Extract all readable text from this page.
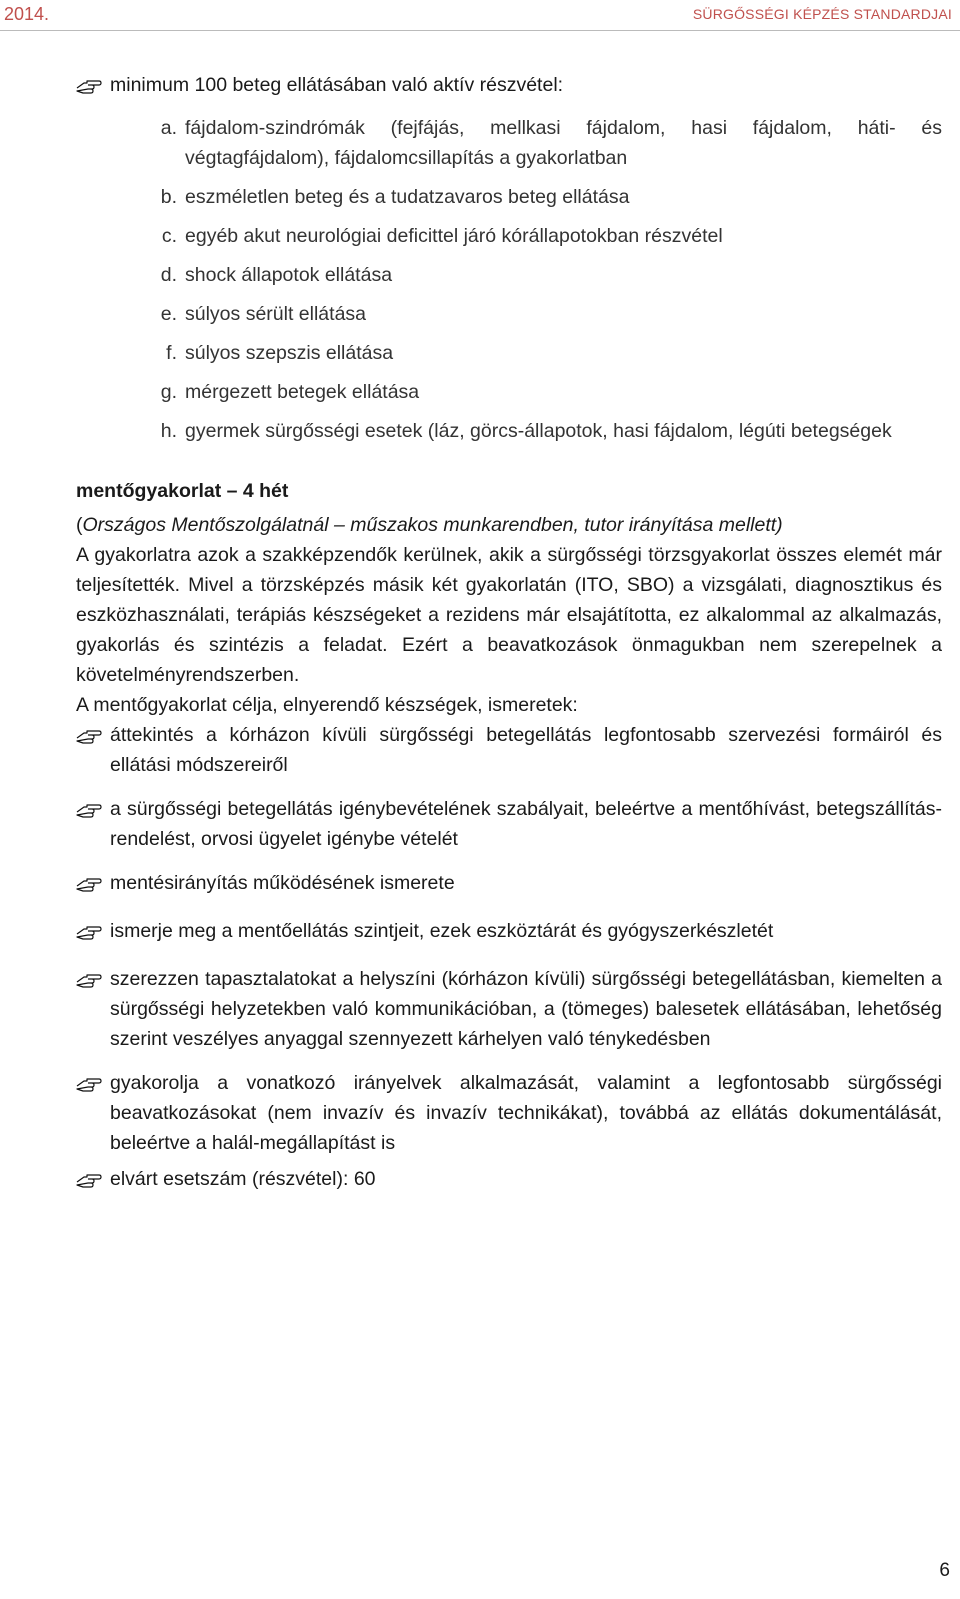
2014.	SÜRGŐSSÉGI KÉPZÉS STANDARDJAI
minimum 100 beteg ellátásában való aktív részvétel:
a. fájdalom-szindrómák (fejfájás, mellkasi fájdalom, hasi fájdalom, háti- és végtagfájdalom), fájdalomcsillapítás a gyakorlatban
b. eszméletlen beteg és a tudatzavaros beteg ellátása
c. egyéb akut neurológiai deficittel járó kórállapotokban részvétel
d. shock állapotok ellátása
e. súlyos sérült ellátása
f. súlyos szepszis ellátása
g. mérgezett betegek ellátása
h. gyermek sürgősségi esetek (láz, görcs-állapotok, hasi fájdalom, légúti betegségek
mentőgyakorlat – 4 hét
(Országos Mentőszolgálatnál – műszakos munkarendben, tutor irányítása mellett)
A gyakorlatra azok a szakképzendők kerülnek, akik a sürgősségi törzsgyakorlat összes elemét már teljesítették. Mivel a törzsképzés másik két gyakorlatán (ITO, SBO) a vizsgálati, diagnosztikus és eszközhasználati, terápiás készségeket a rezidens már elsajátította, ez alkalommal az alkalmazás, gyakorlás és szintézis a feladat. Ezért a beavatkozások önmagukban nem szerepelnek a követelményrendszerben.
A mentőgyakorlat célja, elnyerendő készségek, ismeretek:
áttekintés a kórházon kívüli sürgősségi betegellátás legfontosabb szervezési formáiról és ellátási módszereiről
a sürgősségi betegellátás igénybevételének szabályait, beleértve a mentőhívást, betegszállítás-rendelést, orvosi ügyelet igénybe vételét
mentésirányítás működésének ismerete
ismerje meg a mentőellátás szintjeit, ezek eszköztárát és gyógyszerkészletét
szerezzen tapasztalatokat a helyszíni (kórházon kívüli) sürgősségi betegellátásban, kiemelten a sürgősségi helyzetekben való kommunikációban, a (tömeges) balesetek ellátásában, lehetőség szerint veszélyes anyaggal szennyezett kárhelyen való ténykedésben
gyakorolja a vonatkozó irányelvek alkalmazását, valamint a legfontosabb sürgősségi beavatkozásokat (nem invazív és invazív technikákat), továbbá az ellátás dokumentálását, beleértve a halál-megállapítást is
elvárt esetszám (részvétel): 60
6
